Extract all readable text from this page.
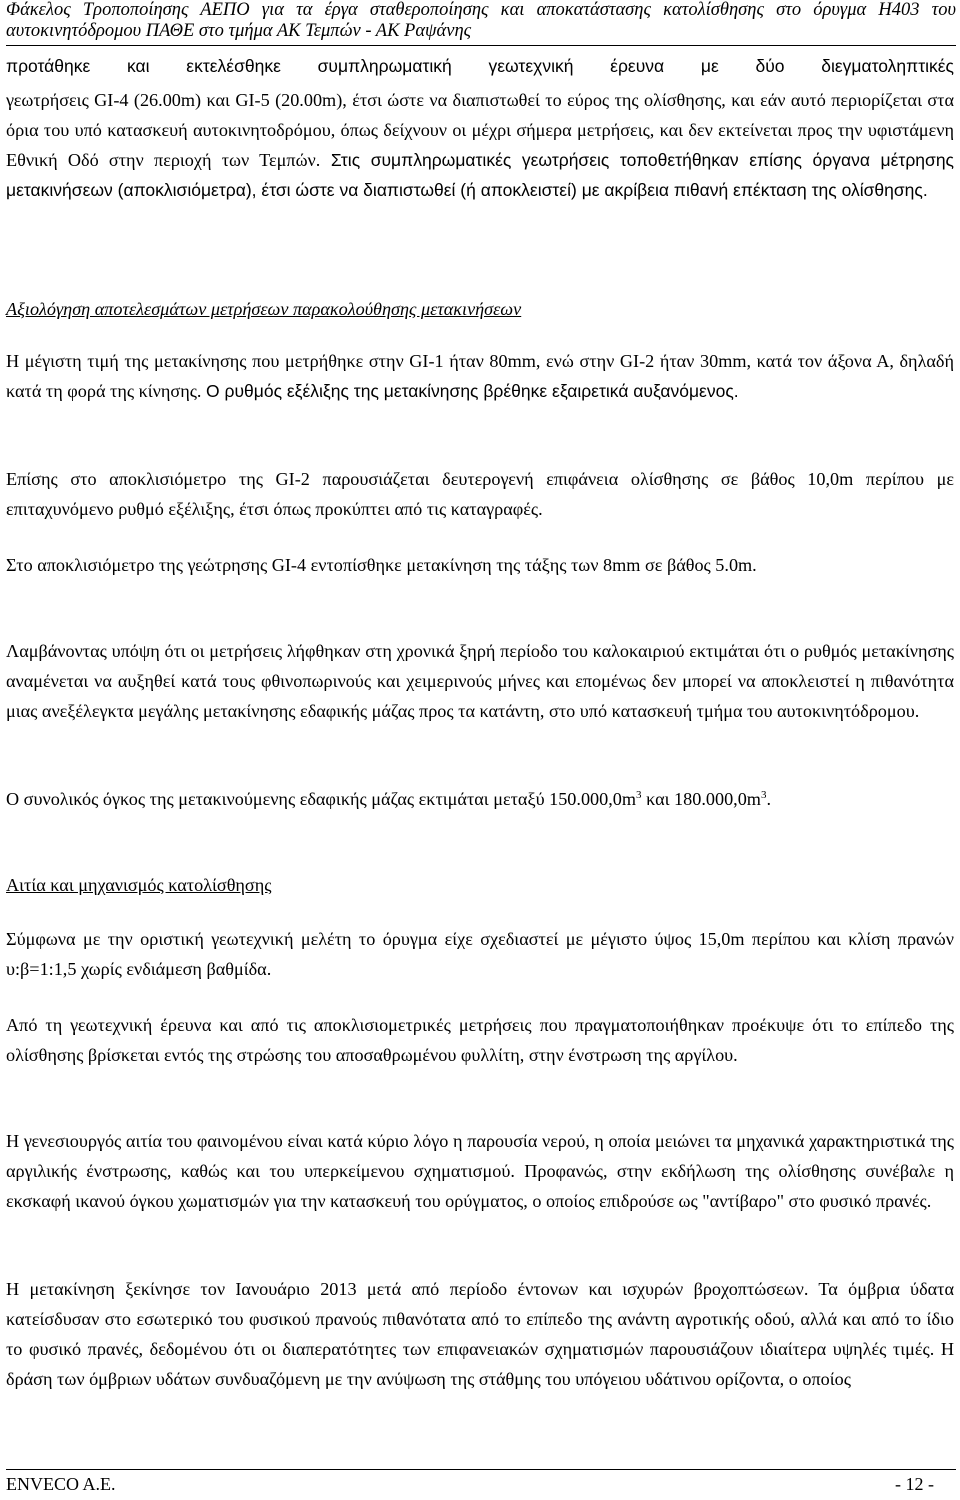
Φάκελος Τροποποίησης ΑΕΠΟ για τα έργα σταθεροποίησης και αποκατάστασης κατολίσθησης στο όρυγμα Η403 του αυτοκινητόδρομου ΠΑΘΕ στο τμήμα ΑΚ Τεμπών - ΑΚ Ραψάνης
προτάθηκε και εκτελέσθηκε συμπληρωματική γεωτεχνική έρευνα με δύο διεγματοληπτικές
γεωτρήσεις GI-4 (26.00m) και GI-5 (20.00m), έτσι ώστε να διαπιστωθεί το εύρος της ολίσθησης, και εάν αυτό περιορίζεται στα όρια του υπό κατασκευή αυτοκινητοδρόμου, όπως δείχνουν οι μέχρι σήμερα μετρήσεις, και δεν εκτείνεται προς την υφιστάμενη Εθνική Οδό στην περιοχή των Τεμπών. Στις συμπληρωματικές γεωτρήσεις τοποθετήθηκαν επίσης όργανα μέτρησης μετακινήσεων (αποκλισιόμετρα), έτσι ώστε να διαπιστωθεί (ή αποκλειστεί) με ακρίβεια πιθανή επέκταση της ολίσθησης.
Αξιολόγηση αποτελεσμάτων μετρήσεων παρακολούθησης μετακινήσεων
Η μέγιστη τιμή της μετακίνησης που μετρήθηκε στην GI-1 ήταν 80mm, ενώ στην GI-2 ήταν 30mm, κατά τον άξονα Α, δηλαδή κατά τη φορά της κίνησης. Ο ρυθμός εξέλιξης της μετακίνησης βρέθηκε εξαιρετικά αυξανόμενος.
Επίσης στο αποκλισιόμετρο της GI-2 παρουσιάζεται δευτερογενή επιφάνεια ολίσθησης σε βάθος 10,0m περίπου με επιταχυνόμενο ρυθμό εξέλιξης, έτσι όπως προκύπτει από τις καταγραφές.
Στο αποκλισιόμετρο της γεώτρησης GI-4 εντοπίσθηκε μετακίνηση της τάξης των 8mm σε βάθος 5.0m.
Λαμβάνοντας υπόψη ότι οι μετρήσεις λήφθηκαν στη χρονικά ξηρή περίοδο του καλοκαιριού εκτιμάται ότι ο ρυθμός μετακίνησης αναμένεται να αυξηθεί κατά τους φθινοπωρινούς και χειμερινούς μήνες και επομένως δεν μπορεί να αποκλειστεί η πιθανότητα μιας ανεξέλεγκτα μεγάλης μετακίνησης εδαφικής μάζας προς τα κατάντη, στο υπό κατασκευή τμήμα του αυτοκινητόδρομου.
Ο συνολικός όγκος της μετακινούμενης εδαφικής μάζας εκτιμάται μεταξύ $150.000,0m^3$ και $180.000,0m^3$.
Αιτία και μηχανισμός κατολίσθησης
Σύμφωνα με την οριστική γεωτεχνική μελέτη το όρυγμα είχε σχεδιαστεί με μέγιστο ύψος 15,0m περίπου και κλίση πρανών υ:β=1:1,5 χωρίς ενδιάμεση βαθμίδα.
Από τη γεωτεχνική έρευνα και από τις αποκλισιομετρικές μετρήσεις που πραγματοποιήθηκαν προέκυψε ότι το επίπεδο της ολίσθησης βρίσκεται εντός της στρώσης του αποσαθρωμένου φυλλίτη, στην ένστρωση της αργίλου.
Η γενεσιουργός αιτία του φαινομένου είναι κατά κύριο λόγο η παρουσία νερού, η οποία μειώνει τα μηχανικά χαρακτηριστικά της αργιλικής ένστρωσης, καθώς και του υπερκείμενου σχηματισμού. Προφανώς, στην εκδήλωση της ολίσθησης συνέβαλε η εκσκαφή ικανού όγκου χωματισμών για την κατασκευή του ορύγματος, ο οποίος επιδρούσε ως "αντίβαρο" στο φυσικό πρανές.
Η μετακίνηση ξεκίνησε τον Ιανουάριο 2013 μετά από περίοδο έντονων και ισχυρών βροχοπτώσεων. Τα όμβρια ύδατα κατείσδυσαν στο εσωτερικό του φυσικού πρανούς πιθανότατα από το επίπεδο της ανάντη αγροτικής οδού, αλλά και από το ίδιο το φυσικό πρανές, δεδομένου ότι οι διαπερατότητες των επιφανειακών σχηματισμών παρουσιάζουν ιδιαίτερα υψηλές τιμές. Η δράση των όμβριων υδάτων συνδυαζόμενη με την ανύψωση της στάθμης του υπόγειου υδάτινου ορίζοντα, ο οποίος
ENVECO A.E.	- 12 -
